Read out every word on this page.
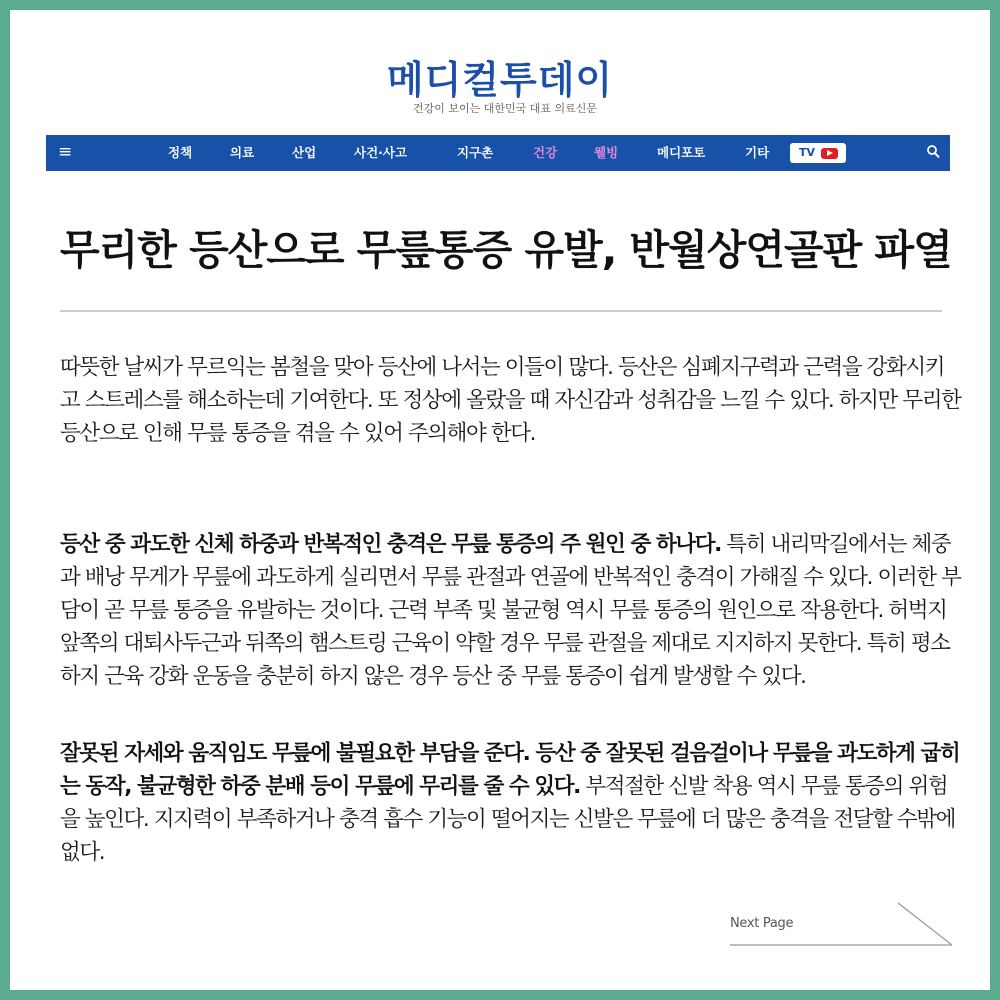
메디컬투데이
건강이 보이는 대한민국 대표 의료신문
≡	정책	의료	산업	사건·사고	지구촌	건강	웰빙	메디포토	기타	TV
무리한 등산으로 무릎통증 유발, 반월상연골판 파열

따뜻한 날씨가 무르익는 봄철을 맞아 등산에 나서는 이들이 많다. 등산은 심폐지구력과 근력을 강화시키고 스트레스를 해소하는데 기여한다. 또 정상에 올랐을 때 자신감과 성취감을 느낄 수 있다. 하지만 무리한 등산으로 인해 무릎 통증을 겪을 수 있어 주의해야 한다.

등산 중 과도한 신체 하중과 반복적인 충격은 무릎 통증의 주 원인 중 하나다. 특히 내리막길에서는 체중과 배낭 무게가 무릎에 과도하게 실리면서 무릎 관절과 연골에 반복적인 충격이 가해질 수 있다. 이러한 부담이 곧 무릎 통증을 유발하는 것이다. 근력 부족 및 불균형 역시 무릎 통증의 원인으로 작용한다. 허벅지 앞쪽의 대퇴사두근과 뒤쪽의 햄스트링 근육이 약할 경우 무릎 관절을 제대로 지지하지 못한다. 특히 평소 하지 근육 강화 운동을 충분히 하지 않은 경우 등산 중 무릎 통증이 쉽게 발생할 수 있다.

잘못된 자세와 움직임도 무릎에 불필요한 부담을 준다. 등산 중 잘못된 걸음걸이나 무릎을 과도하게 굽히는 동작, 불균형한 하중 분배 등이 무릎에 무리를 줄 수 있다. 부적절한 신발 착용 역시 무릎 통증의 위험을 높인다. 지지력이 부족하거나 충격 흡수 기능이 떨어지는 신발은 무릎에 더 많은 충격을 전달할 수밖에 없다.

Next Page
